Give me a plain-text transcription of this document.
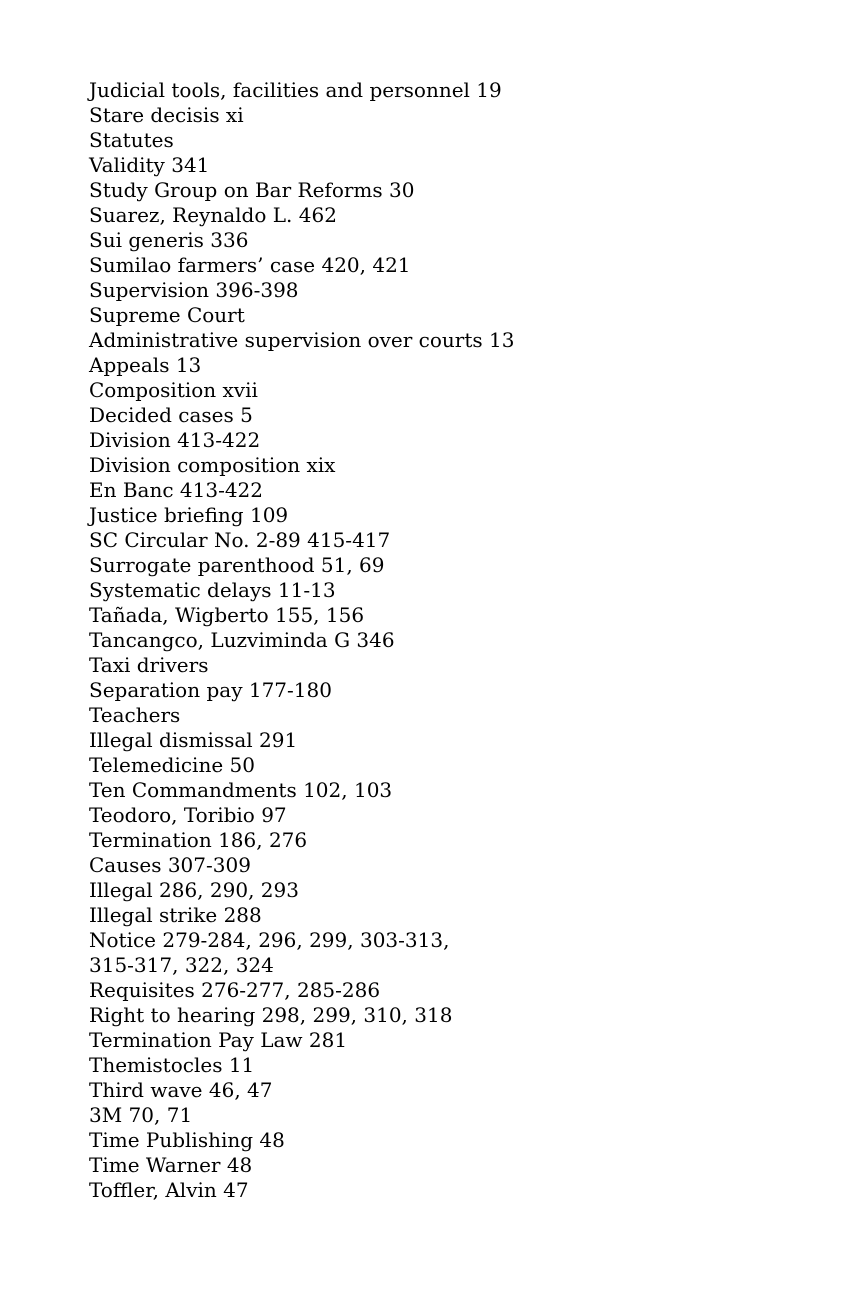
Judicial tools, facilities and personnel 19
Stare decisis xi
Statutes
Validity 341
Study Group on Bar Reforms 30
Suarez, Reynaldo L. 462
Sui generis 336
Sumilao farmers’ case 420, 421
Supervision 396-398
Supreme Court
Administrative supervision over courts 13
Appeals 13
Composition xvii
Decided cases 5
Division 413-422
Division composition xix
En Banc 413-422
Justice briefing 109
SC Circular No. 2-89 415-417
Surrogate parenthood 51, 69
Systematic delays 11-13
Tañada, Wigberto 155, 156
Tancangco, Luzviminda G 346
Taxi drivers
Separation pay 177-180
Teachers
Illegal dismissal 291
Telemedicine 50
Ten Commandments 102, 103
Teodoro, Toribio 97
Termination 186, 276
Causes 307-309
Illegal 286, 290, 293
Illegal strike 288
Notice 279-284, 296, 299, 303-313,
315-317, 322, 324
Requisites 276-277, 285-286
Right to hearing 298, 299, 310, 318
Termination Pay Law 281
Themistocles 11
Third wave 46, 47
3M 70, 71
Time Publishing 48
Time Warner 48
Toffler, Alvin 47
